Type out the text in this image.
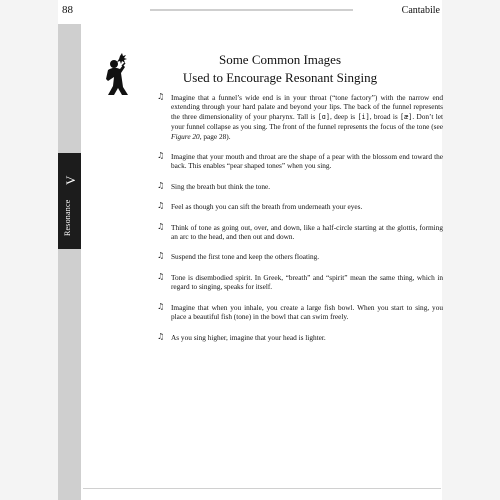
88	Cantabile
V
Resonance
Some Common Images
Used to Encourage Resonant Singing
♫ Imagine that a funnel’s wide end is in your throat (“tone factory”) with the narrow end extending through your hard palate and beyond your lips. The back of the funnel represents the three dimensionality of your pharynx. Tall is [ɑ], deep is [i], broad is [æ]. Don’t let your funnel collapse as you sing. The front of the funnel represents the focus of the tone (see Figure 20, page 28).
♫ Imagine that your mouth and throat are the shape of a pear with the blossom end toward the back. This enables “pear shaped tones” when you sing.
♫ Sing the breath but think the tone.
♫ Feel as though you can sift the breath from underneath your eyes.
♫ Think of tone as going out, over, and down, like a half-circle starting at the glottis, forming an arc to the head, and then out and down.
♫ Suspend the first tone and keep the others floating.
♫ Tone is disembodied spirit. In Greek, “breath” and “spirit” mean the same thing, which in regard to singing, speaks for itself.
♫ Imagine that when you inhale, you create a large fish bowl. When you start to sing, you place a beautiful fish (tone) in the bowl that can swim freely.
♫ As you sing higher, imagine that your head is lighter.
